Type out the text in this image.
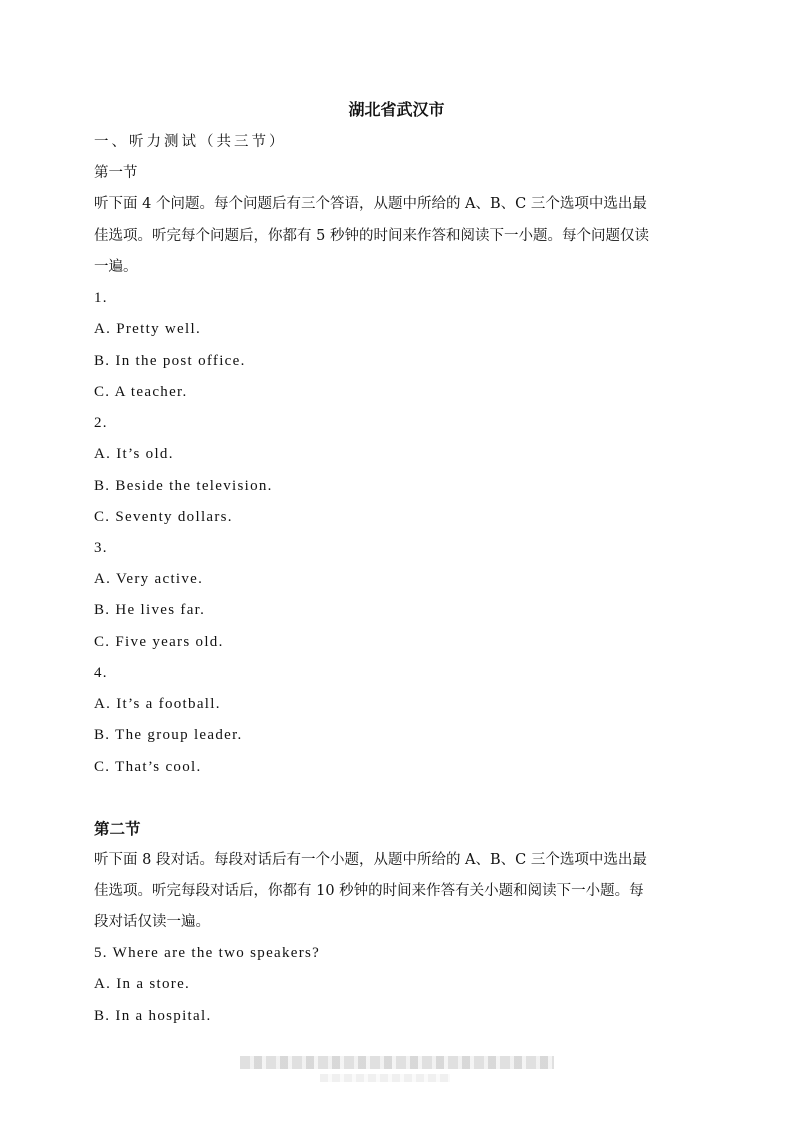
湖北省武汉市
一、听力测试（共三节）
第一节
听下面 4 个问题。每个问题后有三个答语，从题中所给的 A、B、C 三个选项中选出最
佳选项。听完每个问题后，你都有 5 秒钟的时间来作答和阅读下一小题。每个问题仅读
一遍。
1.
A. Pretty well.
B. In the post office.
C. A teacher.
2.
A. It’s old.
B. Beside the television.
C. Seventy dollars.
3.
A. Very active.
B. He lives far.
C. Five years old.
4.
A. It’s a football.
B. The group leader.
C. That’s cool.
第二节
听下面 8 段对话。每段对话后有一个小题，从题中所给的 A、B、C 三个选项中选出最
佳选项。听完每段对话后，你都有 10 秒钟的时间来作答有关小题和阅读下一小题。每
段对话仅读一遍。
5. Where are the two speakers?
A. In a store.
B. In a hospital.
